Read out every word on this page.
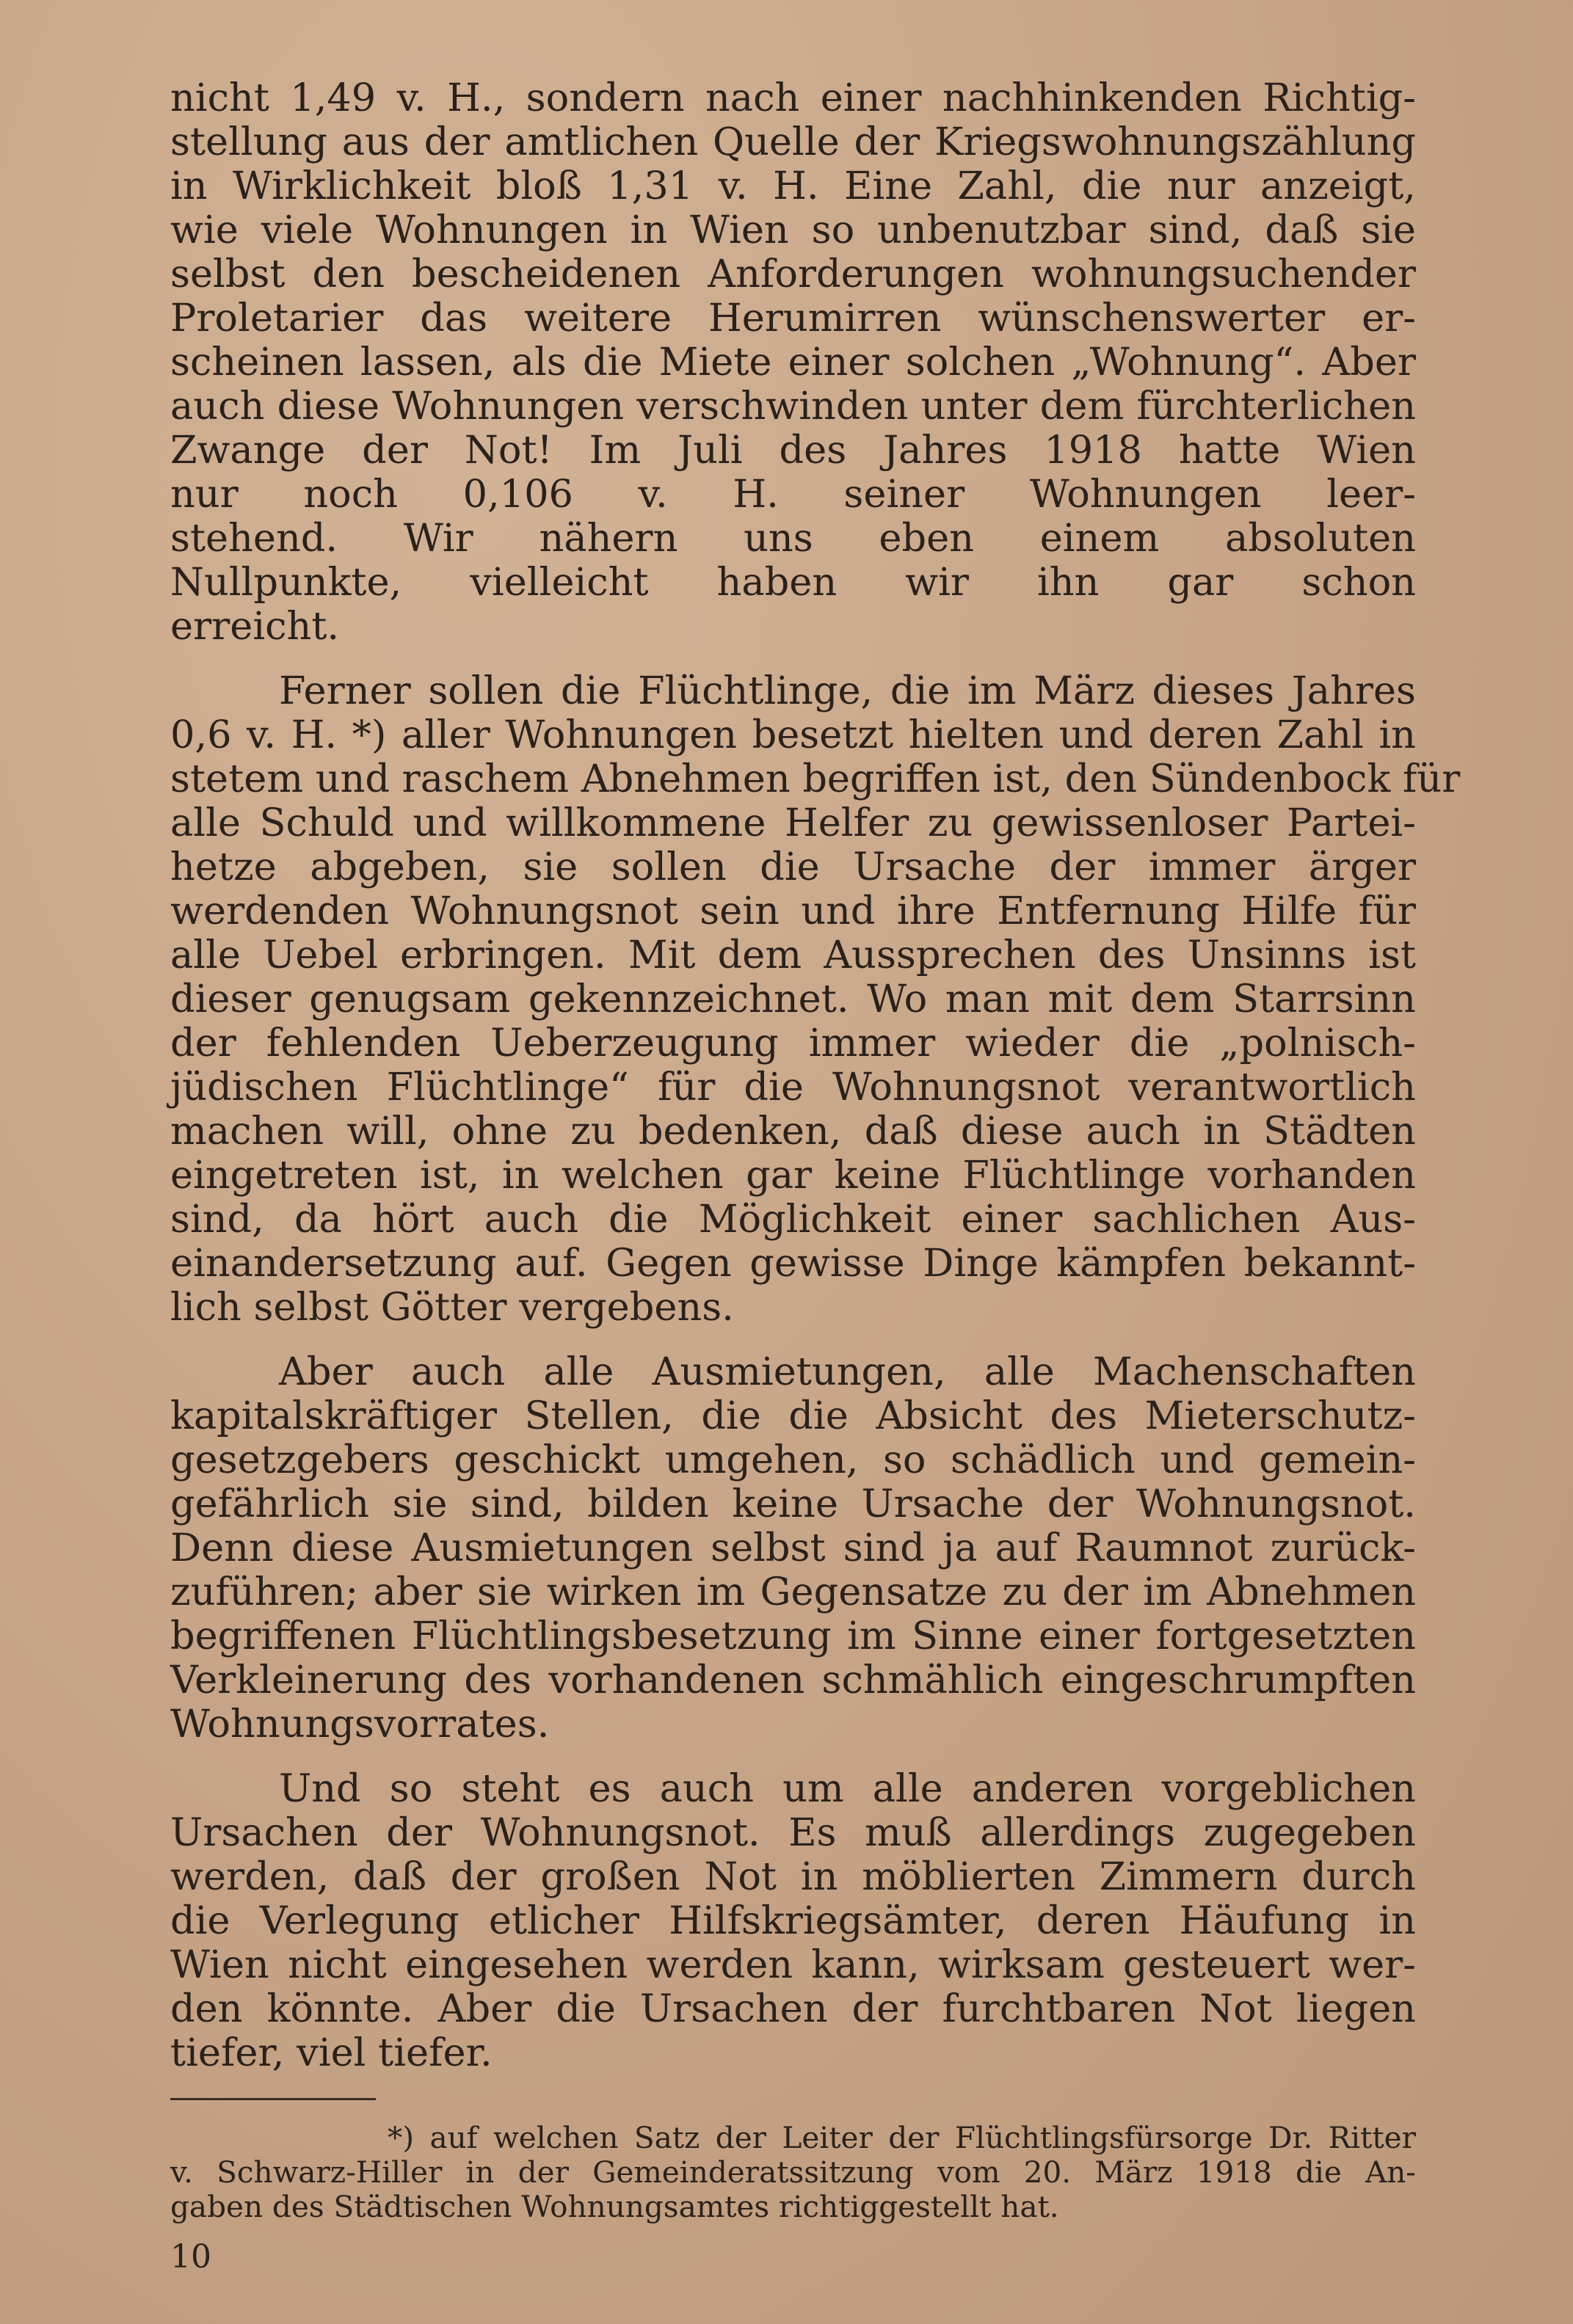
nicht 1,49 v. H., sondern nach einer nachhinkenden Richtig-
stellung aus der amtlichen Quelle der Kriegswohnungszählung
in Wirklichkeit bloß 1,31 v. H. Eine Zahl, die nur anzeigt,
wie viele Wohnungen in Wien so unbenutzbar sind, daß sie
selbst den bescheidenen Anforderungen wohnungsuchender
Proletarier das weitere Herumirren wünschenswerter er-
scheinen lassen, als die Miete einer solchen „Wohnung“. Aber
auch diese Wohnungen verschwinden unter dem fürchterlichen
Zwange der Not! Im Juli des Jahres 1918 hatte Wien
nur noch 0,106 v. H. seiner Wohnungen leer-
stehend. Wir nähern uns eben einem absoluten
Nullpunkte, vielleicht haben wir ihn gar schon
erreicht.

Ferner sollen die Flüchtlinge, die im März dieses Jahres
0,6 v. H. *) aller Wohnungen besetzt hielten und deren Zahl in
stetem und raschem Abnehmen begriffen ist, den Sündenbock für
alle Schuld und willkommene Helfer zu gewissenloser Partei-
hetze abgeben, sie sollen die Ursache der immer ärger
werdenden Wohnungsnot sein und ihre Entfernung Hilfe für
alle Uebel erbringen. Mit dem Aussprechen des Unsinns ist
dieser genugsam gekennzeichnet. Wo man mit dem Starrsinn
der fehlenden Ueberzeugung immer wieder die „polnisch-
jüdischen Flüchtlinge“ für die Wohnungsnot verantwortlich
machen will, ohne zu bedenken, daß diese auch in Städten
eingetreten ist, in welchen gar keine Flüchtlinge vorhanden
sind, da hört auch die Möglichkeit einer sachlichen Aus-
einandersetzung auf. Gegen gewisse Dinge kämpfen bekannt-
lich selbst Götter vergebens.

Aber auch alle Ausmietungen, alle Machenschaften
kapitalskräftiger Stellen, die die Absicht des Mieterschutz-
gesetzgebers geschickt umgehen, so schädlich und gemein-
gefährlich sie sind, bilden keine Ursache der Wohnungsnot.
Denn diese Ausmietungen selbst sind ja auf Raumnot zurück-
zuführen; aber sie wirken im Gegensatze zu der im Abnehmen
begriffenen Flüchtlingsbesetzung im Sinne einer fortgesetzten
Verkleinerung des vorhandenen schmählich eingeschrumpften
Wohnungsvorrates.

Und so steht es auch um alle anderen vorgeblichen
Ursachen der Wohnungsnot. Es muß allerdings zugegeben
werden, daß der großen Not in möblierten Zimmern durch
die Verlegung etlicher Hilfskriegsämter, deren Häufung in
Wien nicht eingesehen werden kann, wirksam gesteuert wer-
den könnte. Aber die Ursachen der furchtbaren Not liegen
tiefer, viel tiefer.

*) auf welchen Satz der Leiter der Flüchtlingsfürsorge Dr. Ritter
v. Schwarz-Hiller in der Gemeinderatssitzung vom 20. März 1918 die An-
gaben des Städtischen Wohnungsamtes richtiggestellt hat.
10
